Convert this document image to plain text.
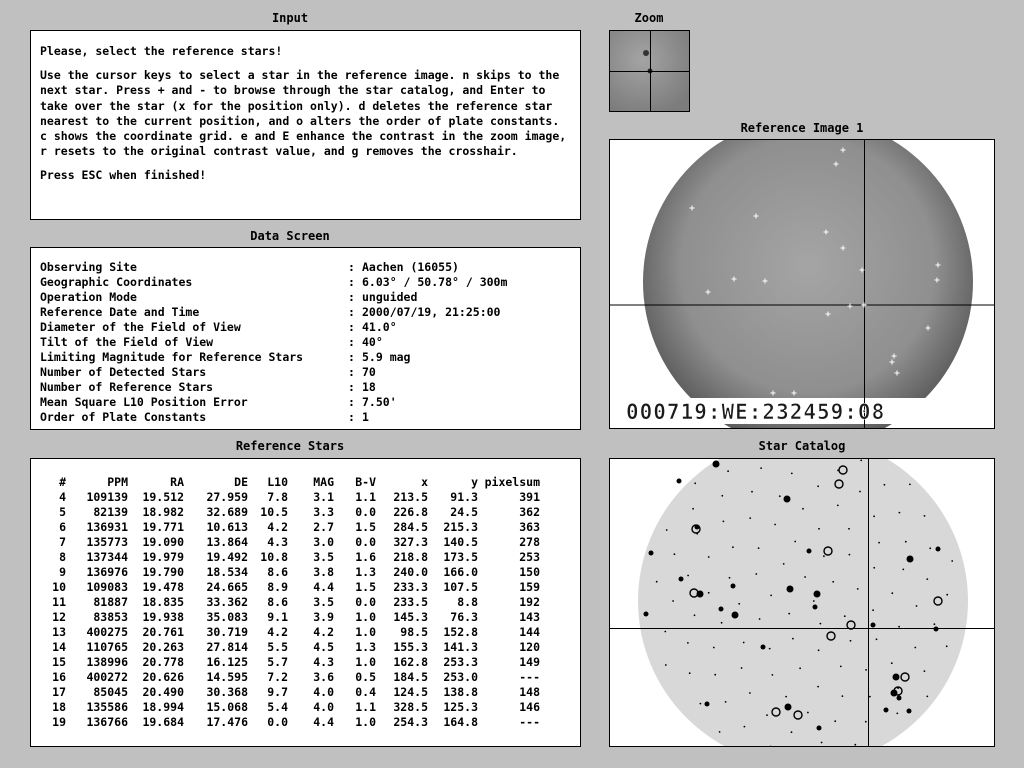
Input

Please, select the reference stars!

Use the cursor keys to select a star in the reference image. n skips to the next star. Press + and - to browse through the star catalog, and Enter to take over the star (x for the position only). d deletes the reference star nearest to the current position, and o alters the order of plate constants. c shows the coordinate grid. e and E enhance the contrast in the zoom image, r resets to the original contrast value, and g removes the crosshair.

Press ESC when finished!

Zoom
Reference Image 1
000719:WE:232459:08
Data Screen
Observing Site	: Aachen (16055)
Geographic Coordinates	: 6.03° / 50.78° / 300m
Operation Mode	: unguided
Reference Date and Time	: 2000/07/19, 21:25:00
Diameter of the Field of View	: 41.0°
Tilt of the Field of View	: 40°
Limiting Magnitude for Reference Stars	: 5.9 mag
Number of Detected Stars	: 70
Number of Reference Stars	: 18
Mean Square L10 Position Error	: 7.50'
Order of Plate Constants	: 1
Reference Stars
#	PPM	RA	DE	L10	MAG	B-V	x	y	pixelsum
4	109139	19.512	27.959	7.8	3.1	1.1	213.5	91.3	391
5	82139	18.982	32.689	10.5	3.3	0.0	226.8	24.5	362
6	136931	19.771	10.613	4.2	2.7	1.5	284.5	215.3	363
7	135773	19.090	13.864	4.3	3.0	0.0	327.3	140.5	278
8	137344	19.979	19.492	10.8	3.5	1.6	218.8	173.5	253
9	136976	19.790	18.534	8.6	3.8	1.3	240.0	166.0	150
10	109083	19.478	24.665	8.9	4.4	1.5	233.3	107.5	159
11	81887	18.835	33.362	8.6	3.5	0.0	233.5	8.8	192
12	83853	19.938	35.083	9.1	3.9	1.0	145.3	76.3	143
13	400275	20.761	30.719	4.2	4.2	1.0	98.5	152.8	144
14	110765	20.263	27.814	5.5	4.5	1.3	155.3	141.3	120
15	138996	20.778	16.125	5.7	4.3	1.0	162.8	253.3	149
16	400272	20.626	14.595	7.2	3.6	0.5	184.5	253.0	---
17	85045	20.490	30.368	9.7	4.0	0.4	124.5	138.8	148
18	135586	18.994	15.068	5.4	4.0	1.1	328.5	125.3	146
19	136766	19.684	17.476	0.0	4.4	1.0	254.3	164.8	---
Star Catalog
